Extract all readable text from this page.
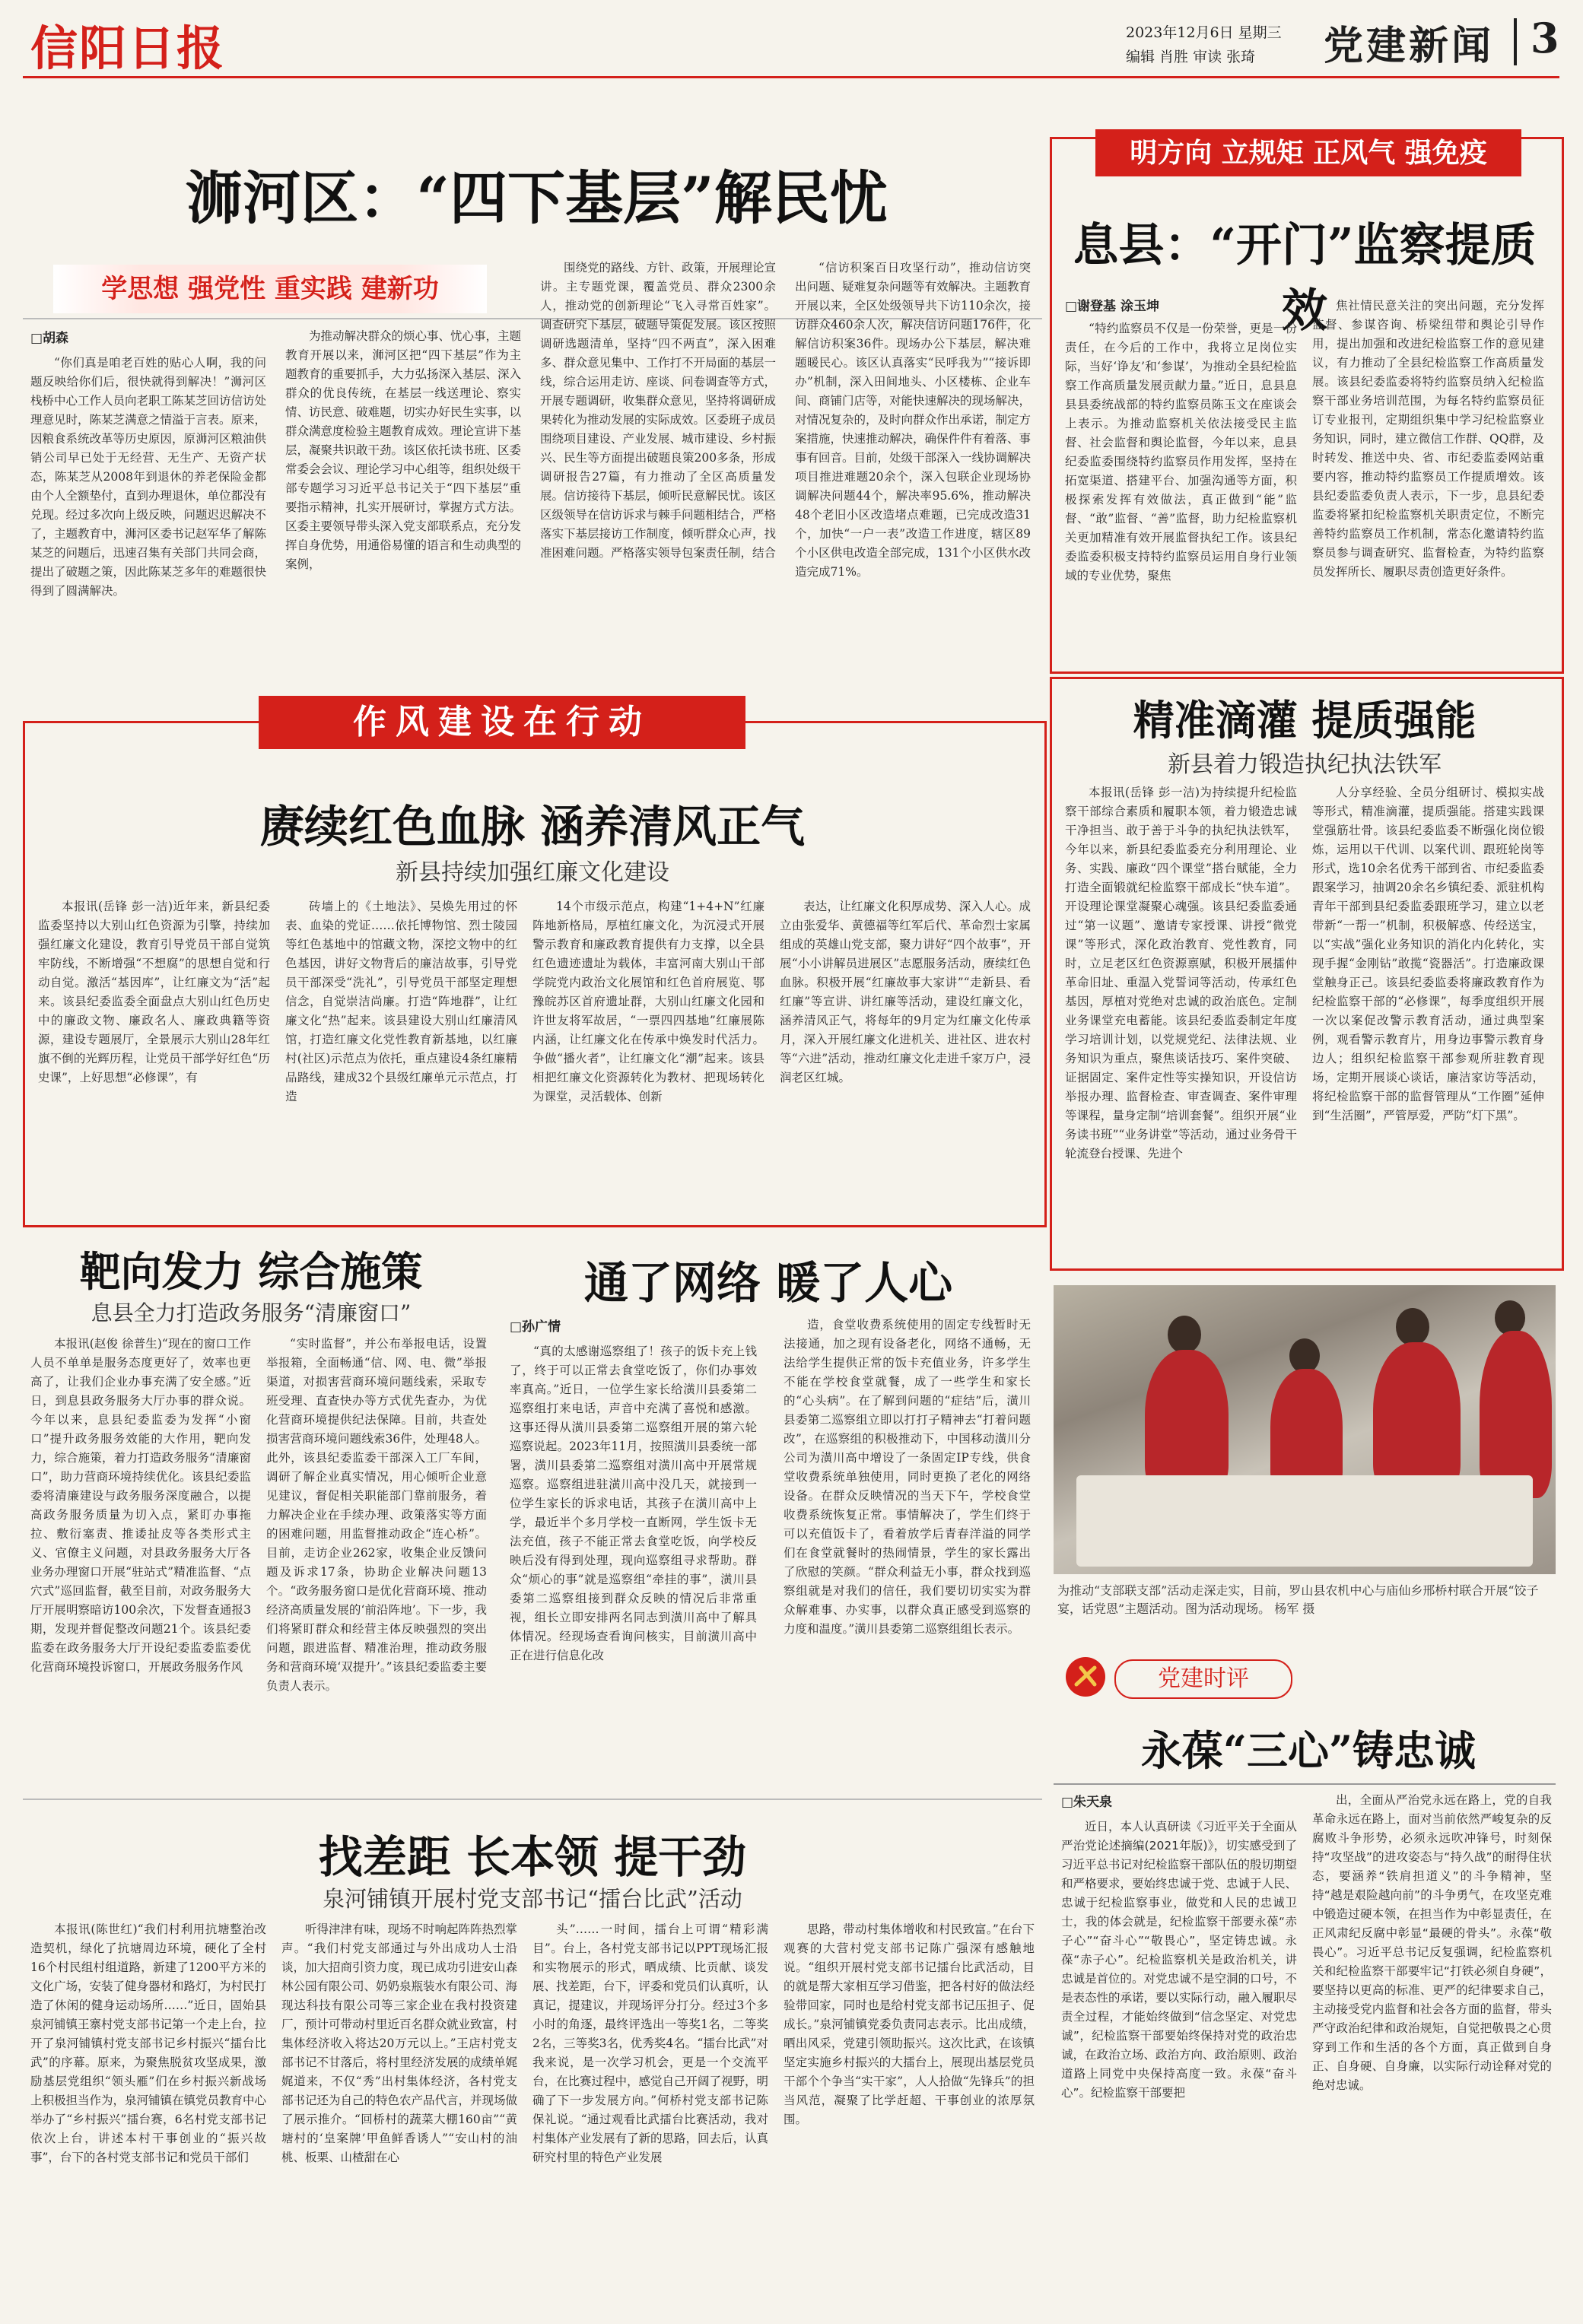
信阳日报	2023年12月6日 星期三
编辑 肖胜 审读 张琦 党建新闻 3
浉河区：“四下基层”解民忧
学思想 强党性 重实践 建新功
□胡森

“你们真是咱老百姓的贴心人啊，我的问题反映给你们后，很快就得到解决！”浉河区栈桥中心工作人员向老职工陈某芝回访信访处理意见时，陈某芝满意之情溢于言表。原来，因粮食系统改革等历史原因，原浉河区粮油供销公司早已处于无经营、无生产、无资产状态，陈某芝从2008年到退休的养老保险金都由个人全额垫付，直到办理退休，单位都没有兑现。经过多次向上级反映，问题迟迟解决不了，主题教育中，浉河区委书记赵军华了解陈某芝的问题后，迅速召集有关部门共同会商，提出了破题之策，因此陈某芝多年的难题很快得到了圆满解决。

为推动解决群众的烦心事、忧心事，主题教育开展以来，浉河区把“四下基层”作为主题教育的重要抓手，大力弘扬深入基层、深入群众的优良传统，在基层一线送理论、察实情、访民意、破难题，切实办好民生实事，以群众满意度检验主题教育成效。理论宣讲下基层，凝聚共识敢干劲。该区依托读书班、区委常委会会议、理论学习中心组等，组织处级干部专题学习习近平总书记关于“四下基层”重要指示精神，扎实开展研讨，掌握方式方法。区委主要领导带头深入党支部联系点，充分发挥自身优势，用通俗易懂的语言和生动典型的案例，

围绕党的路线、方针、政策，开展理论宣讲。主专题党课，覆盖党员、群众2300余人，推动党的创新理论“飞入寻常百姓家”。调查研究下基层，破题导策促发展。该区按照调研选题清单，坚持“四不两直”，深入困难多、群众意见集中、工作打不开局面的基层一线，综合运用走访、座谈、问卷调查等方式，开展专题调研，收集群众意见，坚持将调研成果转化为推动发展的实际成效。区委班子成员围绕项目建设、产业发展、城市建设、乡村振兴、民生等方面提出破题良策200多条，形成调研报告27篇，有力推动了全区高质量发展。信访接待下基层，倾听民意解民忧。该区区级领导在信访诉求与棘手问题相结合，严格落实下基层接访工作制度，倾听群众心声，找准困难问题。严格落实领导包案责任制，结合

“信访积案百日攻坚行动”，推动信访突出问题、疑难复杂问题等有效解决。主题教育开展以来，全区处级领导共下访110余次，接访群众460余人次，解决信访问题176件，化解信访积案36件。现场办公下基层，解决难题暖民心。该区认真落实“民呼我为”“接诉即办”机制，深入田间地头、小区楼栋、企业车间、商铺门店等，对能快速解决的现场解决，对情况复杂的，及时向群众作出承诺，制定方案措施，快速推动解决，确保件件有着落、事事有回音。目前，处级干部深入一线协调解决项目推进难题20余个，深入包联企业现场协调解决问题44个，解决率95.6%，推动解决48个老旧小区改造堵点难题，已完成改造31个，加快“一户一表”改造工作进度，辖区89个小区供电改造全部完成，131个小区供水改造完成71%。

明方向 立规矩 正风气 强免疫
息县：“开门”监察提质效
□谢登基 涂玉坤

“特约监察员不仅是一份荣誉，更是一份责任，在今后的工作中，我将立足岗位实际，当好‘诤友’和‘参谋’，为推动全县纪检监察工作高质量发展贡献力量。”近日，息县息县县委统战部的特约监察员陈玉文在座谈会上表示。为推动监察机关依法接受民主监督、社会监督和舆论监督，今年以来，息县纪委监委围绕特约监察员作用发挥，坚持在拓宽渠道、搭建平台、加强沟通等方面，积极探索发挥有效做法，真正做到“能”监督、“敢”监督、“善”监督，助力纪检监察机关更加精准有效开展监督执纪工作。该县纪委监委积极支持特约监察员运用自身行业领域的专业优势，聚焦

焦社情民意关注的突出问题，充分发挥监督、参谋咨询、桥梁纽带和舆论引导作用，提出加强和改进纪检监察工作的意见建议，有力推动了全县纪检监察工作高质量发展。该县纪委监委将特约监察员纳入纪检监察干部业务培训范围，为每名特约监察员征订专业报刊，定期组织集中学习纪检监察业务知识，同时，建立微信工作群、QQ群，及时转发、推送中央、省、市纪委监委网站重要内容，推动特约监察员工作提质增效。该县纪委监委负责人表示，下一步，息县纪委监委将紧扣纪检监察机关职责定位，不断完善特约监察员工作机制，常态化邀请特约监察员参与调查研究、监督检查，为特约监察员发挥所长、履职尽责创造更好条件。

精准滴灌 提质强能
新县着力锻造执纪执法铁军

本报讯(岳锋 彭一洁)为持续提升纪检监察干部综合素质和履职本领，着力锻造忠诚干净担当、敢于善于斗争的执纪执法铁军，今年以来，新县纪委监委充分利用理论、业务、实践、廉政“四个课堂”搭台赋能，全力打造全面锻就纪检监察干部成长“快车道”。开设理论课堂凝聚心魂强。该县纪委监委通过“第一议题”、邀请专家授课、讲授“微党课”等形式，深化政治教育、党性教育，同时，立足老区红色资源禀赋，积极开展擂仲革命旧址、重温入党誓词等活动，传承红色基因，厚植对党绝对忠诚的政治底色。定制业务课堂充电蓄能。该县纪委监委制定年度学习培训计划，以党规党纪、法律法规、业务知识为重点，聚焦谈话技巧、案件突破、证据固定、案件定性等实操知识，开设信访举报办理、监督检查、审查调查、案件审理等课程，量身定制“培训套餐”。组织开展“业务读书班”“业务讲堂”等活动，通过业务骨干轮流登台授课、先进个

人分享经验、全员分组研讨、模拟实战等形式，精准滴灌，提质强能。搭建实践课堂强筋壮骨。该县纪委监委不断强化岗位锻炼，运用以干代训、以案代训、跟班轮岗等形式，选10余名优秀干部到省、市纪委监委跟案学习，抽调20余名乡镇纪委、派驻机构青年干部到县纪委监委跟班学习，建立以老带新“一帮一”机制，积极解惑、传经送宝，以“实战”强化业务知识的消化内化转化，实现手握“金刚钻”敢揽“瓷器活”。打造廉政课堂触身正己。该县纪委监委将廉政教育作为纪检监察干部的“必修课”，每季度组织开展一次以案促改警示教育活动，通过典型案例，观看警示教育片，用身边事警示教育身边人；组织纪检监察干部参观所驻教育现场，定期开展谈心谈话，廉洁家访等活动，将纪检监察干部的监督管理从“工作圈”延伸到“生活圈”，严管厚爱，严防“灯下黑”。

作风建设在行动
赓续红色血脉 涵养清风正气
新县持续加强红廉文化建设

本报讯(岳锋 彭一洁)近年来，新县纪委监委坚持以大别山红色资源为引擎，持续加强红廉文化建设，教育引导党员干部自觉筑牢防线，不断增强“不想腐”的思想自觉和行动自觉。激活“基因库”，让红廉文为“活”起来。该县纪委监委全面盘点大别山红色历史中的廉政文物、廉政名人、廉政典籍等资源，建设专题展厅，全景展示大别山28年红旗不倒的光辉历程，让党员干部学好红色“历史课”，上好思想“必修课”，有

砖墙上的《土地法》、吴焕先用过的怀表、血染的党证……依托博物馆、烈士陵园等红色基地中的馆藏文物，深挖文物中的红色基因，讲好文物背后的廉洁故事，引导党员干部深受“洗礼”，引导党员干部坚定理想信念，自觉崇洁尚廉。打造“阵地群”，让红廉文化“热”起来。该县建设大别山红廉清风馆，打造红廉文化党性教育新基地，以红廉村(社区)示范点为依托，重点建设4条红廉精品路线，建成32个县级红廉单元示范点，打造

14个市级示范点，构建“1+4+N”红廉阵地新格局，厚植红廉文化，为沉浸式开展警示教育和廉政教育提供有力支撑，以全县红色遗迹遗址为载体，丰富河南大别山干部学院党内政治文化展馆和红色首府展览、鄂豫皖苏区首府遗址群，大别山红廉文化园和许世友将军故居，“一票四四基地”红廉展陈内涵，让红廉文化在传承中焕发时代活力。争做“播火者”，让红廉文化“潮”起来。该县相把红廉文化资源转化为教材、把现场转化为课堂，灵活载体、创新

表达，让红廉文化积厚成势、深入人心。成立由张爱华、黄德福等红军后代、革命烈士家属组成的英雄山党支部，聚力讲好“四个故事”，开展“小小讲解员进展区”志愿服务活动，赓续红色血脉。积极开展“红廉故事大家讲”“走新县、看红廉”等宣讲、讲红廉等活动，建设红廉文化，涵养清风正气，将每年的9月定为红廉文化传承月，深入开展红廉文化进机关、进社区、进农村等“六进”活动，推动红廉文化走进千家万户，浸润老区红城。

靶向发力 综合施策
息县全力打造政务服务“清廉窗口”

本报讯(赵俊 徐普生)“现在的窗口工作人员不单单是服务态度更好了，效率也更高了，让我们企业办事充满了安全感。”近日，到息县政务服务大厅办事的群众说。今年以来，息县纪委监委为发挥“小窗口”提升政务服务效能的大作用，靶向发力，综合施策，着力打造政务服务“清廉窗口”，助力营商环境持续优化。该县纪委监委将清廉建设与政务服务深度融合，以提高政务服务质量为切入点，紧盯办事拖拉、敷衍塞责、推诿扯皮等各类形式主义、官僚主义问题，对县政务服务大厅各业务办理窗口开展“驻站式”精准监督、“点穴式”巡回监督，截至目前，对政务服务大厅开展明察暗访100余次，下发督查通报3期，发现并督促整改问题21个。该县纪委监委在政务服务大厅开设纪委监委监委优化营商环境投诉窗口，开展政务服务作风

“实时监督”，并公布举报电话，设置举报箱，全面畅通“信、网、电、微”举报渠道，对损害营商环境问题线索，采取专班受理、直查快办等方式优先查办，为优化营商环境提供纪法保障。目前，共查处损害营商环境问题线索36件，处理48人。此外，该县纪委监委干部深入工厂车间，调研了解企业真实情况，用心倾听企业意见建议，督促相关职能部门靠前服务，着力解决企业在手续办理、政策落实等方面的困难问题，用监督推动政企“连心桥”。目前，走访企业262家，收集企业反馈问题及诉求17条，协助企业解决问题13个。“政务服务窗口是优化营商环境、推动经济高质量发展的‘前沿阵地’。下一步，我们将紧盯群众和经营主体反映强烈的突出问题，跟进监督、精准治理，推动政务服务和营商环境‘双提升’。”该县纪委监委主要负责人表示。

通了网络 暖了人心
□孙广情

“真的太感谢巡察组了！孩子的饭卡充上钱了，终于可以正常去食堂吃饭了，你们办事效率真高。”近日，一位学生家长给潢川县委第二巡察组打来电话，声音中充满了喜悦和感激。这事还得从潢川县委第二巡察组开展的第六轮巡察说起。2023年11月，按照潢川县委统一部署，潢川县委第二巡察组对潢川高中开展常规巡察。巡察组进驻潢川高中没几天，就接到一位学生家长的诉求电话，其孩子在潢川高中上学，最近半个多月学校一直断网，学生饭卡无法充值，孩子不能正常去食堂吃饭，向学校反映后没有得到处理，现向巡察组寻求帮助。群众“烦心的事”就是巡察组“牵挂的事”，潢川县委第二巡察组接到群众反映的情况后非常重视，组长立即安排两名同志到潢川高中了解具体情况。经现场查看询问核实，目前潢川高中正在进行信息化改

造，食堂收费系统使用的固定专线暂时无法接通，加之现有设备老化，网络不通畅，无法给学生提供正常的饭卡充值业务，许多学生不能在学校食堂就餐，成了一些学生和家长的“心头病”。在了解到问题的“症结”后，潢川县委第二巡察组立即以打打子精神去“打着问题改”，在巡察组的积极推动下，中国移动潢川分公司为潢川高中增设了一条固定IP专线，供食堂收费系统单独使用，同时更换了老化的网络设备。在群众反映情况的当天下午，学校食堂收费系统恢复正常。事情解决了，学生们终于可以充值饭卡了，看着放学后青春洋溢的同学们在食堂就餐时的热闹情景，学生的家长露出了欣慰的笑颜。“群众利益无小事，群众找到巡察组就是对我们的信任，我们要切切实实为群众解难事、办实事，以群众真正感受到巡察的力度和温度。”潢川县委第二巡察组组长表示。

为推动“支部联支部”活动走深走实，目前，罗山县农机中心与庙仙乡邢桥村联合开展“饺子宴，话党恩”主题活动。图为活动现场。 杨军 摄
党建时评
永葆“三心”铸忠诚
□朱天泉

近日，本人认真研读《习近平关于全面从严治党论述摘编(2021年版)》，切实感受到了习近平总书记对纪检监察干部队伍的殷切期望和严格要求，要始终忠诚于党、忠诚于人民、忠诚于纪检监察事业，做党和人民的忠诚卫士，我的体会就是，纪检监察干部要永葆“赤子心”“奋斗心”“敬畏心”，坚定铸忠诚。永葆“赤子心”。纪检监察机关是政治机关，讲忠诚是首位的。对党忠诚不是空洞的口号，不是表态性的承诺，要以实际行动，融入履职尽责全过程，才能始终做到“信念坚定、对党忠诚”，纪检监察干部要始终保持对党的政治忠诚，在政治立场、政治方向、政治原则、政治道路上同党中央保持高度一致。永葆“奋斗心”。纪检监察干部要把

出，全面从严治党永远在路上，党的自我革命永远在路上，面对当前依然严峻复杂的反腐败斗争形势，必须永远吹冲锋号，时刻保持“攻坚战”的进攻姿态与“持久战”的耐得住状态，要涵养“铁肩担道义”的斗争精神，坚持“越是艰险越向前”的斗争勇气，在攻坚克难中锻造过硬本领，在担当作为中彰显责任，在正风肃纪反腐中彰显“最硬的骨头”。永葆“敬畏心”。习近平总书记反复强调，纪检监察机关和纪检监察干部要牢记“打铁必须自身硬”，要坚持以更高的标准、更严的纪律要求自己，主动接受党内监督和社会各方面的监督，带头严守政治纪律和政治规矩，自觉把敬畏之心贯穿到工作和生活的各个方面，真正做到自身正、自身硬、自身廉，以实际行动诠释对党的绝对忠诚。

找差距 长本领 提干劲
泉河铺镇开展村党支部书记“擂台比武”活动

本报讯(陈世红)“我们村利用抗塘整治改造契机，绿化了抗塘周边环境，硬化了全村16个村民组村组道路，新建了1200平方米的文化广场，安装了健身器材和路灯，为村民打造了休闲的健身运动场所……”近日，固始县泉河铺镇王寨村党支部书记第一个走上台，拉开了泉河铺镇村党支部书记乡村振兴“擂台比武”的序幕。原来，为聚焦脱贫攻坚成果，激励基层党组织“领头雁”们在乡村振兴新战场上积极担当作为，泉河铺镇在镇党员教育中心举办了“乡村振兴”擂台赛，6名村党支部书记依次上台，讲述本村干事创业的“振兴故事”，台下的各村党支部书记和党员干部们

听得津津有味，现场不时响起阵阵热烈掌声。“我们村党支部通过与外出成功人士沿谈，加大招商引资力度，现已成功引进安山森林公园有限公司、奶奶泉瓶装水有限公司、海现达科技有限公司等三家企业在我村投资建厂，预计可带动村里近百名群众就业致富，村集体经济收入将达20万元以上。”王店村党支部书记不甘落后，将村里经济发展的成绩单娓娓道来，不仅“秀”出村集体经济，各村党支部书记还为自己的特色农产品代言，并现场做了展示推介。“回桥村的蔬菜大棚160亩”“黄塘村的‘皇案牌’甲鱼鲜香诱人”“安山村的油桃、板栗、山楂甜在心

头”……一时间，擂台上可谓“精彩满目”。台上，各村党支部书记以PPT现场汇报和实物展示的形式，晒成绩、比贡献、谈发展、找差距，台下，评委和党员们认真听，认真记，提建议，并现场评分打分。经过3个多小时的角逐，最终评选出一等奖1名，二等奖2名，三等奖3名，优秀奖4名。“擂台比武”对我来说，是一次学习机会，更是一个交流平台，在比赛过程中，感觉自己开阔了视野，明确了下一步发展方向。”何桥村党支部书记陈保礼说。“通过观看比武擂台比赛活动，我对村集体产业发展有了新的思路，回去后，认真研究村里的特色产业发展

思路，带动村集体增收和村民致富。”在台下观赛的大营村党支部书记陈广强深有感触地说。“组织开展村党支部书记擂台比武活动，目的就是帮大家相互学习借鉴，把各村好的做法经验带回家，同时也是给村党支部书记压担子、促成长。”泉河铺镇党委负责同志表示。比出成绩，晒出风采，党建引领助振兴。这次比武，在该镇坚定实施乡村振兴的大擂台上，展现出基层党员干部个个争当“实干家”，人人拾做“先锋兵”的担当风范，凝聚了比学赶超、干事创业的浓厚氛围。
